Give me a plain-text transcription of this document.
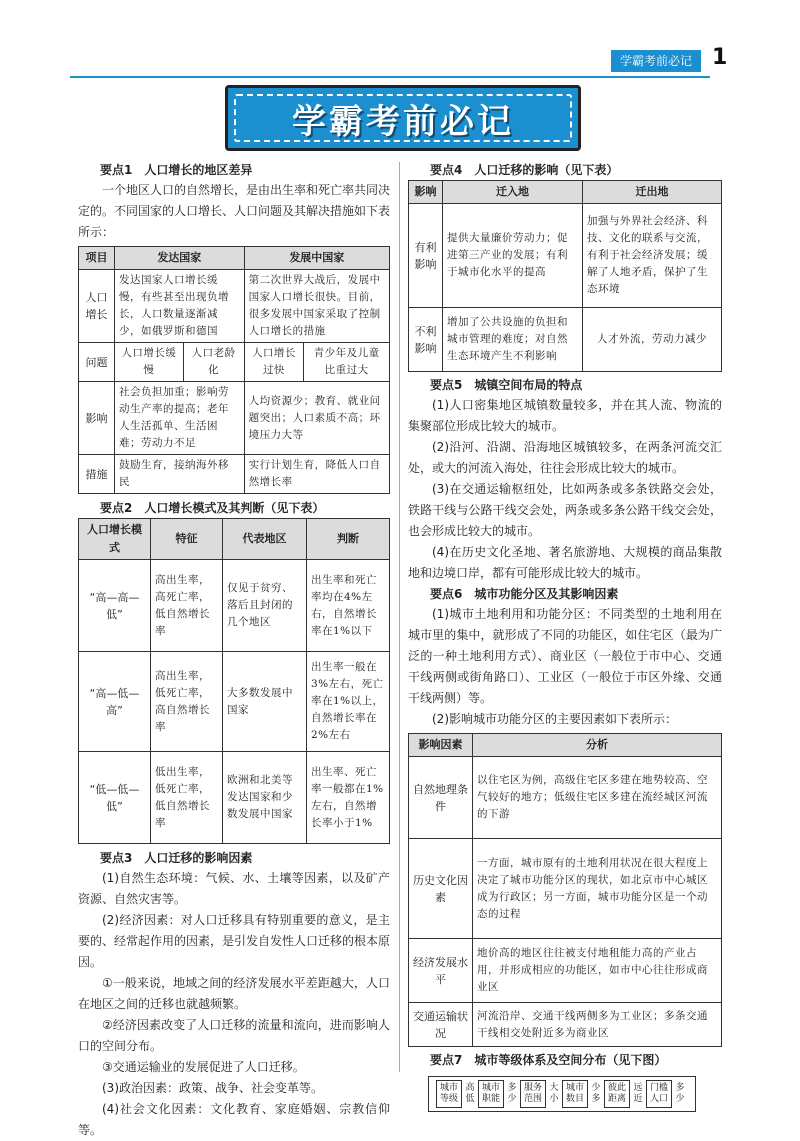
学霸考前必记 1
学霸考前必记
要点1　人口增长的地区差异
一个地区人口的自然增长，是由出生率和死亡率共同决定的。不同国家的人口增长、人口问题及其解决措施如下表所示：
项目	发达国家		发展中国家	
人口增长	发达国家人口增长缓慢，有些甚至出现负增长，人口数量逐渐减少，如俄罗斯和德国		第二次世界大战后，发展中国家人口增长很快。目前，很多发展中国家采取了控制人口增长的措施	
问题	人口增长缓慢	人口老龄化	人口增长过快	青少年及儿童比重过大
影响	社会负担加重；影响劳动生产率的提高；老年人生活孤单、生活困难；劳动力不足		人均资源少；教育、就业问题突出；人口素质不高；环境压力大等	
措施	鼓励生育，接纳海外移民		实行计划生育，降低人口自然增长率	
要点2　人口增长模式及其判断（见下表）
人口增长模式	特征	代表地区	判断
“高—高—低”	高出生率，高死亡率，低自然增长率	仅见于贫穷、落后且封闭的几个地区	出生率和死亡率均在4%左右，自然增长率在1%以下
“高—低—高”	高出生率，低死亡率，高自然增长率	大多数发展中国家	出生率一般在3%左右，死亡率在1%以上，自然增长率在2%左右
“低—低—低”	低出生率，低死亡率，低自然增长率	欧洲和北美等发达国家和少数发展中国家	出生率、死亡率一般都在1%左右，自然增长率小于1%
要点3　人口迁移的影响因素
(1)自然生态环境：气候、水、土壤等因素，以及矿产资源、自然灾害等。
(2)经济因素：对人口迁移具有特别重要的意义，是主要的、经常起作用的因素，是引发自发性人口迁移的根本原因。
①一般来说，地域之间的经济发展水平差距越大，人口在地区之间的迁移也就越频繁。
②经济因素改变了人口迁移的流量和流向，进而影响人口的空间分布。
③交通运输业的发展促进了人口迁移。
(3)政治因素：政策、战争、社会变革等。
(4)社会文化因素：文化教育、家庭婚姻、宗教信仰等。
要点4　人口迁移的影响（见下表）
影响	迁入地	迁出地
有利影响	提供大量廉价劳动力；促进第三产业的发展；有利于城市化水平的提高	加强与外界社会经济、科技、文化的联系与交流，有利于社会经济发展；缓解了人地矛盾，保护了生态环境
不利影响	增加了公共设施的负担和城市管理的难度；对自然生态环境产生不利影响	人才外流，劳动力减少
要点5　城镇空间布局的特点
(1)人口密集地区城镇数量较多，并在其人流、物流的集聚部位形成比较大的城市。
(2)沿河、沿湖、沿海地区城镇较多，在两条河流交汇处，或大的河流入海处，往往会形成比较大的城市。
(3)在交通运输枢纽处，比如两条或多条铁路交会处，铁路干线与公路干线交会处，两条或多条公路干线交会处，也会形成比较大的城市。
(4)在历史文化圣地、著名旅游地、大规模的商品集散地和边境口岸，都有可能形成比较大的城市。
要点6　城市功能分区及其影响因素
(1)城市土地利用和功能分区：不同类型的土地利用在城市里的集中，就形成了不同的功能区，如住宅区（最为广泛的一种土地利用方式）、商业区（一般位于市中心、交通干线两侧或街角路口）、工业区（一般位于市区外缘、交通干线两侧）等。
(2)影响城市功能分区的主要因素如下表所示：
影响因素	分析
自然地理条件	以住宅区为例，高级住宅区多建在地势较高、空气较好的地方；低级住宅区多建在流经城区河流的下游
历史文化因素	一方面，城市原有的土地利用状况在很大程度上决定了城市功能分区的现状，如北京市中心城区成为行政区；另一方面，城市功能分区是一个动态的过程
经济发展水平	地价高的地区往往被支付地租能力高的产业占用，并形成相应的功能区，如市中心往往形成商业区
交通运输状况	河流沿岸、交通干线两侧多为工业区；多条交通干线相交处附近多为商业区
要点7　城市等级体系及空间分布（见下图）
城市等级
高低
城市职能
多少
服务范围
大小
城市数目
少多
彼此距离
远近
门槛人口
多少
